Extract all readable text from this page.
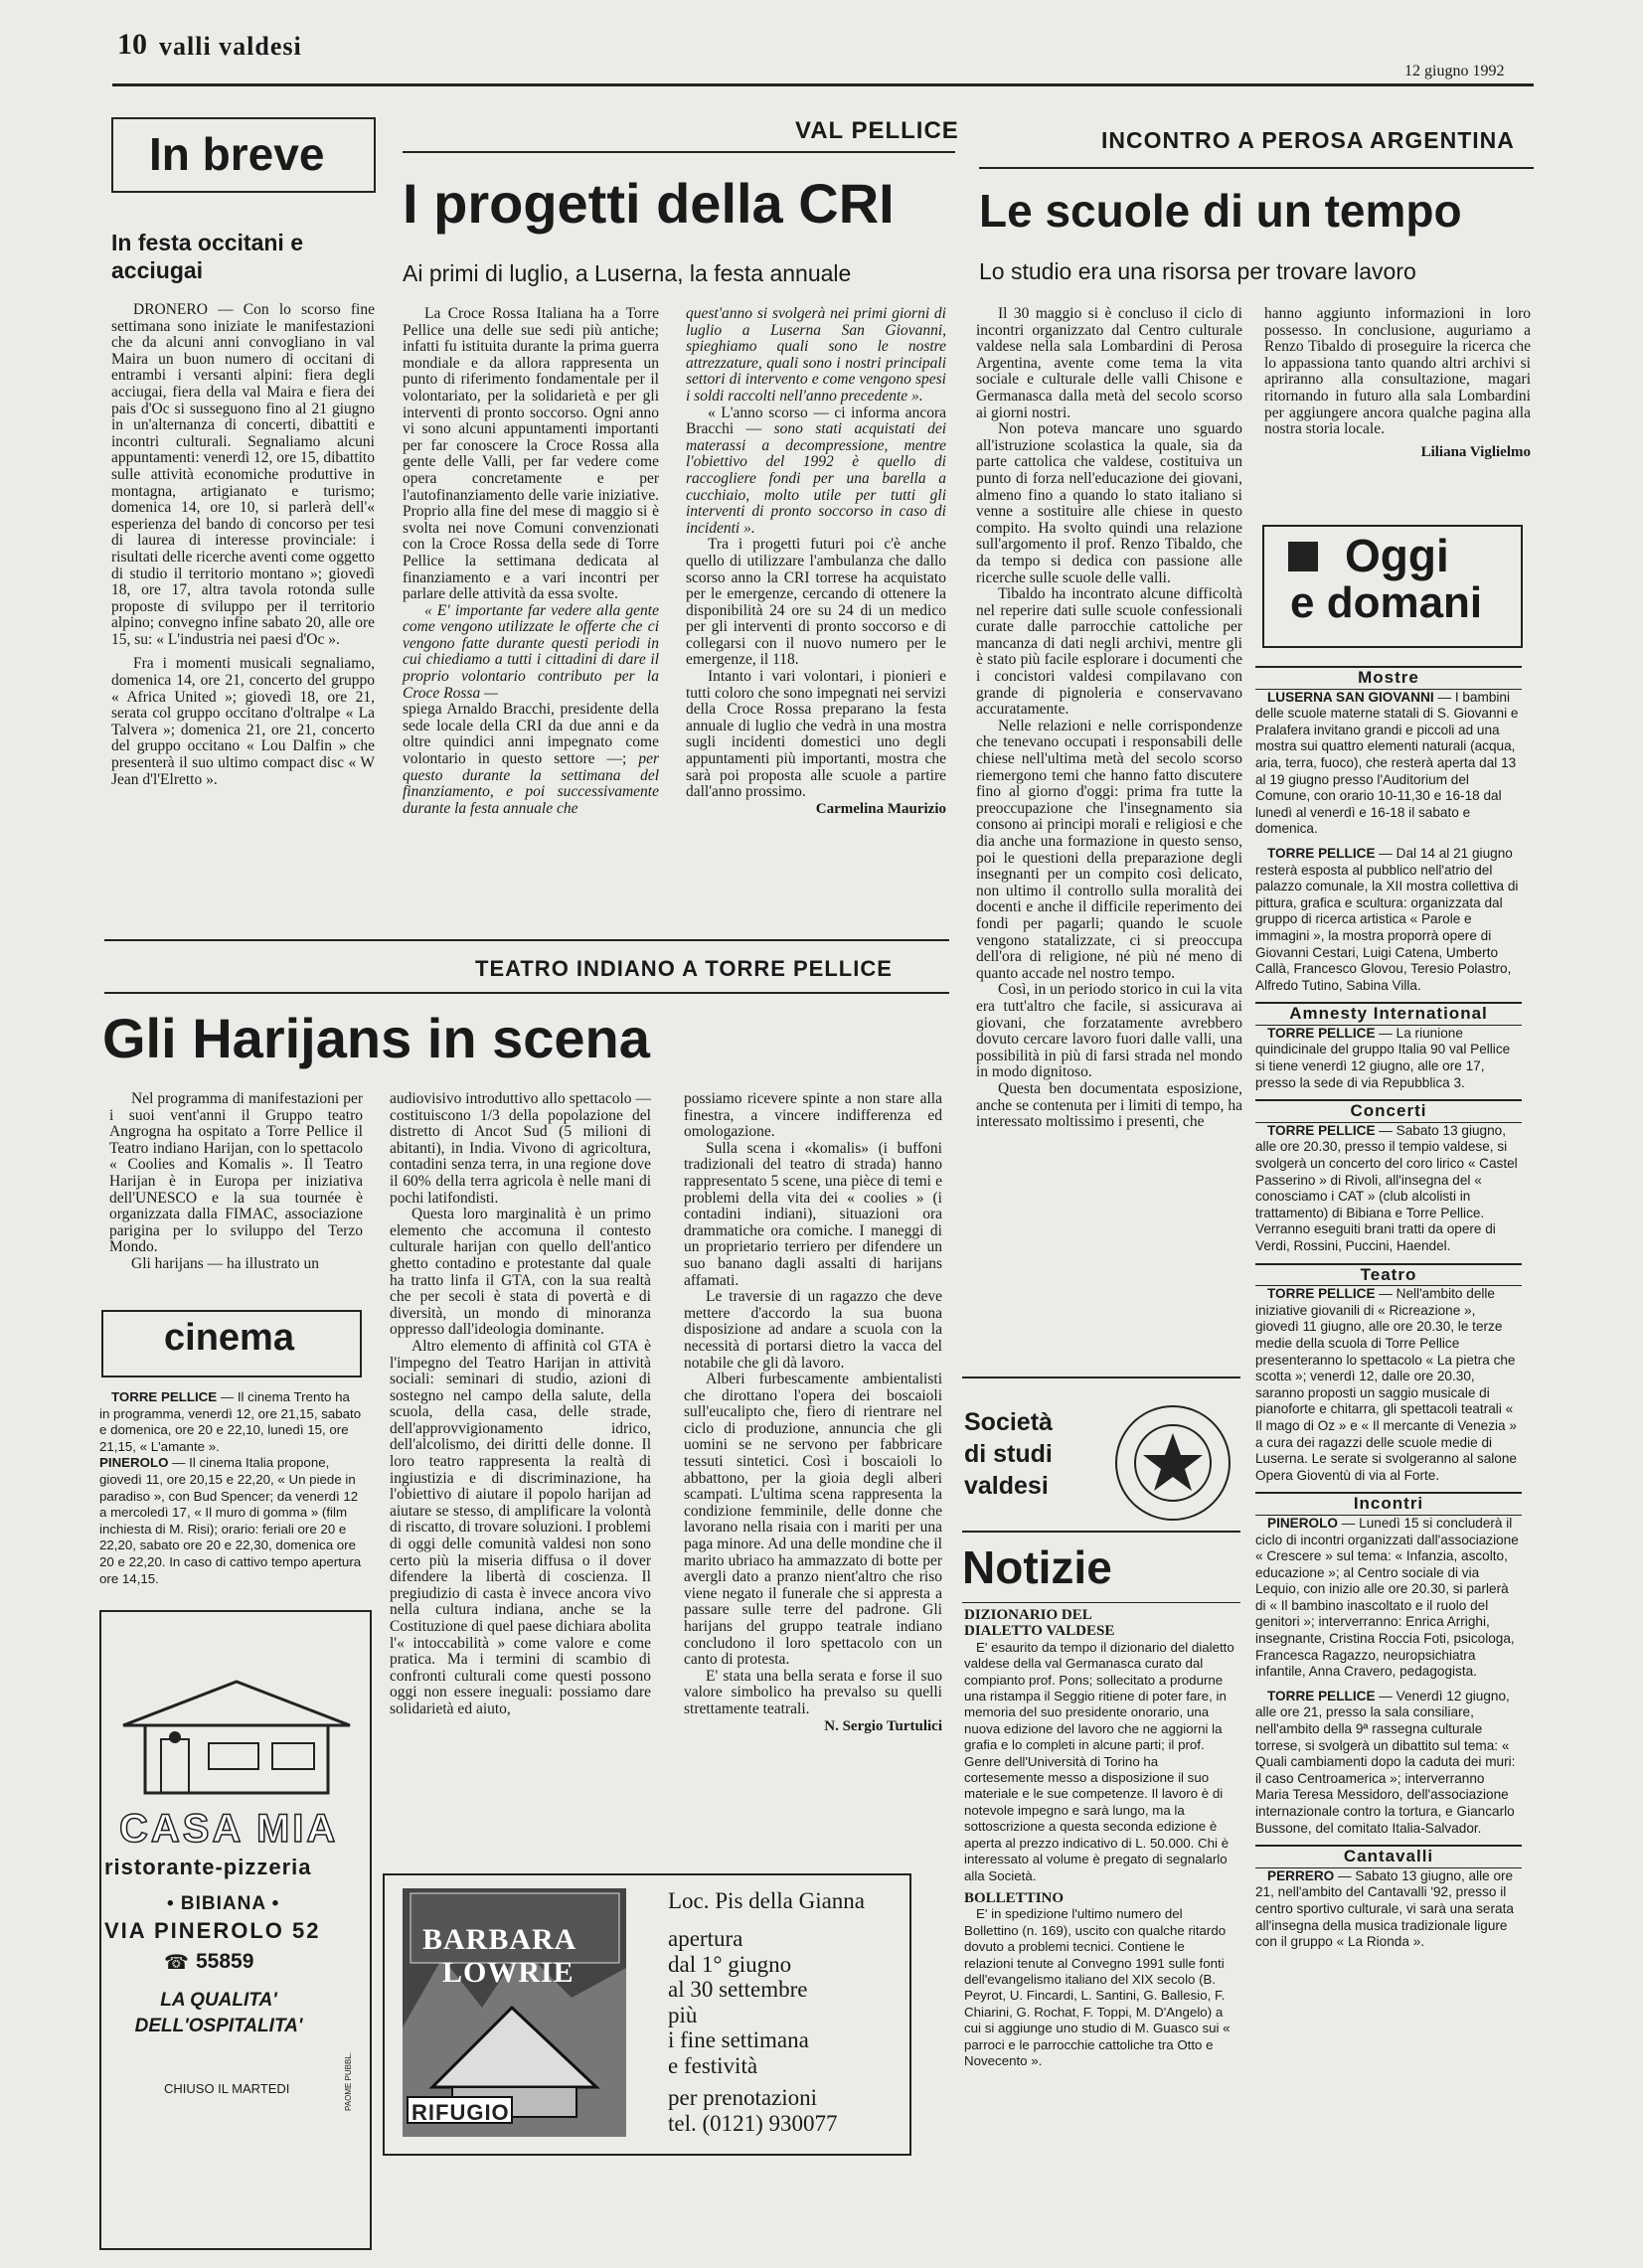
10 valli valdesi
12 giugno 1992
In breve
In festa occitani e acciugai

DRONERO — Con lo scorso fine settimana sono iniziate le manifestazioni che da alcuni anni convogliano in val Maira un buon numero di occitani di entrambi i versanti alpini: fiera degli acciugai, fiera della val Maira e fiera dei pais d'Oc si susseguono fino al 21 giugno in un'alternanza di concerti, dibattiti e incontri culturali. Segnaliamo alcuni appuntamenti: venerdì 12, ore 15, dibattito sulle attività economiche produttive in montagna, artigianato e turismo; domenica 14, ore 10, si parlerà dell'« esperienza del bando di concorso per tesi di laurea di interesse provinciale: i risultati delle ricerche aventi come oggetto di studio il territorio montano »; giovedì 18, ore 17, altra tavola rotonda sulle proposte di sviluppo per il territorio alpino; convegno infine sabato 20, alle ore 15, su: « L'industria nei paesi d'Oc ».

Fra i momenti musicali segnaliamo, domenica 14, ore 21, concerto del gruppo « Africa United »; giovedì 18, ore 21, serata col gruppo occitano d'oltralpe « La Talvera »; domenica 21, ore 21, concerto del gruppo occitano « Lou Dalfin » che presenterà il suo ultimo compact disc « W Jean d'l'Elretto ».

VAL PELLICE
I progetti della CRI
Ai primi di luglio, a Luserna, la festa annuale

La Croce Rossa Italiana ha a Torre Pellice una delle sue sedi più antiche; infatti fu istituita durante la prima guerra mondiale e da allora rappresenta un punto di riferimento fondamentale per il volontariato, per la solidarietà e per gli interventi di pronto soccorso. Ogni anno vi sono alcuni appuntamenti importanti per far conoscere la Croce Rossa alla gente delle Valli, per far vedere come opera concretamente e per l'autofinanziamento delle varie iniziative. Proprio alla fine del mese di maggio si è svolta nei nove Comuni convenzionati con la Croce Rossa della sede di Torre Pellice la settimana dedicata al finanziamento e a vari incontri per parlare delle attività da essa svolte.

« E' importante far vedere alla gente come vengono utilizzate le offerte che ci vengono fatte durante questi periodi in cui chiediamo a tutti i cittadini di dare il proprio volontario contributo per la Croce Rossa —

spiega Arnaldo Bracchi, presidente della sede locale della CRI da due anni e da oltre quindici anni impegnato come volontario in questo settore —; per questo durante la settimana del finanziamento, e poi successivamente durante la festa annuale che
quest'anno si svolgerà nei primi giorni di luglio a Luserna San Giovanni, spieghiamo quali sono le nostre attrezzature, quali sono i nostri principali settori di intervento e come vengono spesi i soldi raccolti nell'anno precedente ».

« L'anno scorso — ci informa ancora Bracchi — sono stati acquistati dei materassi a decompressione, mentre l'obiettivo del 1992 è quello di raccogliere fondi per una barella a cucchiaio, molto utile per tutti gli interventi di pronto soccorso in caso di incidenti ».

Tra i progetti futuri poi c'è anche quello di utilizzare l'ambulanza che dallo scorso anno la CRI torrese ha acquistato per le emergenze, cercando di ottenere la disponibilità 24 ore su 24 di un medico per gli interventi di pronto soccorso e di collegarsi con il nuovo numero per le emergenze, il 118.

Intanto i vari volontari, i pionieri e tutti coloro che sono impegnati nei servizi della Croce Rossa preparano la festa annuale di luglio che vedrà in una mostra sugli incidenti domestici uno degli appuntamenti più importanti, mostra che sarà poi proposta alle scuole a partire dall'anno prossimo.

Carmelina Maurizio
INCONTRO A PEROSA ARGENTINA
Le scuole di un tempo
Lo studio era una risorsa per trovare lavoro

Il 30 maggio si è concluso il ciclo di incontri organizzato dal Centro culturale valdese nella sala Lombardini di Perosa Argentina, avente come tema la vita sociale e culturale delle valli Chisone e Germanasca dalla metà del secolo scorso ai giorni nostri.

Non poteva mancare uno sguardo all'istruzione scolastica la quale, sia da parte cattolica che valdese, costituiva un punto di forza nell'educazione dei giovani, almeno fino a quando lo stato italiano si venne a sostituire alle chiese in questo compito. Ha svolto quindi una relazione sull'argomento il prof. Renzo Tibaldo, che da tempo si dedica con passione alle ricerche sulle scuole delle valli.

Tibaldo ha incontrato alcune difficoltà nel reperire dati sulle scuole confessionali curate dalle parrocchie cattoliche per mancanza di dati negli archivi, mentre gli è stato più facile esplorare i documenti che i concistori valdesi compilavano con grande di pignoleria e conservavano accuratamente.

Nelle relazioni e nelle corrispondenze che tenevano occupati i responsabili delle chiese nell'ultima metà del secolo scorso riemergono temi che hanno fatto discutere fino al giorno d'oggi: prima fra tutte la preoccupazione che l'insegnamento sia consono ai principi morali e religiosi e che dia anche una formazione in questo senso, poi le questioni della preparazione degli insegnanti per un compito così delicato, non ultimo il controllo sulla moralità dei docenti e anche il difficile reperimento dei fondi per pagarli; quando le scuole vengono statalizzate, ci si preoccupa dell'ora di religione, né più né meno di quanto accade nel nostro tempo.

Così, in un periodo storico in cui la vita era tutt'altro che facile, si assicurava ai giovani, che forzatamente avrebbero dovuto cercare lavoro fuori dalle valli, una possibilità in più di farsi strada nel mondo in modo dignitoso.

Questa ben documentata esposizione, anche se contenuta per i limiti di tempo, ha interessato moltissimo i presenti, che

hanno aggiunto informazioni in loro possesso. In conclusione, auguriamo a Renzo Tibaldo di proseguire la ricerca che lo appassiona tanto quando altri archivi si apriranno alla consultazione, magari ritornando in futuro alla sala Lombardini per aggiungere ancora qualche pagina alla nostra storia locale.
Liliana Viglielmo
Oggi
e domani
Mostre

LUSERNA SAN GIOVANNI — I bambini delle scuole materne statali di S. Giovanni e Pralafera invitano grandi e piccoli ad una mostra sui quattro elementi naturali (acqua, aria, terra, fuoco), che resterà aperta dal 13 al 19 giugno presso l'Auditorium del Comune, con orario 10-11,30 e 16-18 dal lunedì al venerdì e 16-18 il sabato e domenica.

TORRE PELLICE — Dal 14 al 21 giugno resterà esposta al pubblico nell'atrio del palazzo comunale, la XII mostra collettiva di pittura, grafica e scultura: organizzata dal gruppo di ricerca artistica « Parole e immagini », la mostra proporrà opere di Giovanni Cestari, Luigi Catena, Umberto Callà, Francesco Glovou, Teresio Polastro, Alfredo Tutino, Sabina Villa.

Amnesty International

TORRE PELLICE — La riunione quindicinale del gruppo Italia 90 val Pellice si tiene venerdì 12 giugno, alle ore 17, presso la sede di via Repubblica 3.

Concerti

TORRE PELLICE — Sabato 13 giugno, alle ore 20.30, presso il tempio valdese, si svolgerà un concerto del coro lirico « Castel Passerino » di Rivoli, all'insegna del « conosciamo i CAT » (club alcolisti in trattamento) di Bibiana e Torre Pellice. Verranno eseguiti brani tratti da opere di Verdi, Rossini, Puccini, Haendel.

Teatro

TORRE PELLICE — Nell'ambito delle iniziative giovanili di « Ricreazione », giovedì 11 giugno, alle ore 20.30, le terze medie della scuola di Torre Pellice presenteranno lo spettacolo « La pietra che scotta »; venerdì 12, dalle ore 20.30, saranno proposti un saggio musicale di pianoforte e chitarra, gli spettacoli teatrali « Il mago di Oz » e « Il mercante di Venezia » a cura dei ragazzi delle scuole medie di Luserna. Le serate si svolgeranno al salone Opera Gioventù di via al Forte.

Incontri

PINEROLO — Lunedì 15 si concluderà il ciclo di incontri organizzati dall'associazione « Crescere » sul tema: « Infanzia, ascolto, educazione »; al Centro sociale di via Lequio, con inizio alle ore 20.30, si parlerà di « Il bambino inascoltato e il ruolo del genitori »; interverranno: Enrica Arrighi, insegnante, Cristina Roccia Foti, psicologa, Francesca Ragazzo, neuropsichiatra infantile, Anna Cravero, pedagogista.

TORRE PELLICE — Venerdì 12 giugno, alle ore 21, presso la sala consiliare, nell'ambito della 9ª rassegna culturale torrese, si svolgerà un dibattito sul tema: « Quali cambiamenti dopo la caduta dei muri: il caso Centroamerica »; interverranno Maria Teresa Messidoro, dell'associazione internazionale contro la tortura, e Giancarlo Bussone, del comitato Italia-Salvador.

Cantavalli

PERRERO — Sabato 13 giugno, alle ore 21, nell'ambito del Cantavalli '92, presso il centro sportivo culturale, vi sarà una serata all'insegna della musica tradizionale ligure con il gruppo « La Rionda ».

TEATRO INDIANO A TORRE PELLICE
Gli Harijans in scena

Nel programma di manifestazioni per i suoi vent'anni il Gruppo teatro Angrogna ha ospitato a Torre Pellice il Teatro indiano Harijan, con lo spettacolo « Coolies and Komalis ». Il Teatro Harijan è in Europa per iniziativa dell'UNESCO e la sua tournée è organizzata dalla FIMAC, associazione parigina per lo sviluppo del Terzo Mondo.

Gli harijans — ha illustrato un

audiovisivo introduttivo allo spettacolo — costituiscono 1/3 della popolazione del distretto di Ancot Sud (5 milioni di abitanti), in India. Vivono di agricoltura, contadini senza terra, in una regione dove il 60% della terra agricola è nelle mani di pochi latifondisti.

Questa loro marginalità è un primo elemento che accomuna il contesto culturale harijan con quello dell'antico ghetto contadino e protestante dal quale ha tratto linfa il GTA, con la sua realtà che per secoli è stata di povertà e di diversità, un mondo di minoranza oppresso dall'ideologia dominante.

Altro elemento di affinità col GTA è l'impegno del Teatro Harijan in attività sociali: seminari di studio, azioni di sostegno nel campo della salute, della scuola, della casa, delle strade, dell'approvvigionamento idrico, dell'alcolismo, dei diritti delle donne. Il loro teatro rappresenta la realtà di ingiustizia e di discriminazione, ha l'obiettivo di aiutare il popolo harijan ad aiutare se stesso, di amplificare la volontà di riscatto, di trovare soluzioni. I problemi di oggi delle comunità valdesi non sono certo più la miseria diffusa o il dover difendere la libertà di coscienza. Il pregiudizio di casta è invece ancora vivo nella cultura indiana, anche se la Costituzione di quel paese dichiara abolita l'« intoccabilità » come valore e come pratica. Ma i termini di scambio di confronti culturali come questi possono oggi non essere ineguali: possiamo dare solidarietà ed aiuto,

possiamo ricevere spinte a non stare alla finestra, a vincere indifferenza ed omologazione.

Sulla scena i «komalis» (i buffoni tradizionali del teatro di strada) hanno rappresentato 5 scene, una pièce di temi e problemi della vita dei « coolies » (i contadini indiani), situazioni ora drammatiche ora comiche. I maneggi di un proprietario terriero per difendere un suo banano dagli assalti di harijans affamati.

Le traversie di un ragazzo che deve mettere d'accordo la sua buona disposizione ad andare a scuola con la necessità di portarsi dietro la vacca del notabile che gli dà lavoro.

Alberi furbescamente ambientalisti che dirottano l'opera dei boscaioli sull'eucalipto che, fiero di rientrare nel ciclo di produzione, annuncia che gli uomini se ne servono per fabbricare tessuti sintetici. Così i boscaioli lo abbattono, per la gioia degli alberi scampati. L'ultima scena rappresenta la condizione femminile, delle donne che lavorano nella risaia con i mariti per una paga minore. Ad una delle mondine che il marito ubriaco ha ammazzato di botte per avergli dato a pranzo nient'altro che riso viene negato il funerale che si appresta a passare sulle terre del padrone. Gli harijans del gruppo teatrale indiano concludono il loro spettacolo con un canto di protesta.

E' stata una bella serata e forse il suo valore simbolico ha prevalso su quelli strettamente teatrali.

N. Sergio Turtulici
cinema

TORRE PELLICE — Il cinema Trento ha in programma, venerdì 12, ore 21,15, sabato e domenica, ore 20 e 22,10, lunedì 15, ore 21,15, « L'amante ».

PINEROLO — Il cinema Italia propone, giovedì 11, ore 20,15 e 22,20, « Un piede in paradiso », con Bud Spencer; da venerdì 12 a mercoledì 17, « Il muro di gomma » (film inchiesta di M. Risi); orario: feriali ore 20 e 22,20, sabato ore 20 e 22,30, domenica ore 20 e 22,20. In caso di cattivo tempo apertura ore 14,15.

CASA MIA
ristorante-pizzeria
• BIBIANA •
VIA PINEROLO 52
☎ 55859
LA QUALITA' DELL'OSPITALITA'
CHIUSO IL MARTEDI	PAOME PUBBL.
BARBARA
LOWRIE
RIFUGIO
Loc. Pis della Gianna
apertura
dal 1° giugno
al 30 settembre
più
i fine settimana
e festività
per prenotazioni
tel. (0121) 930077
Società di studi valdesi
Notizie
DIZIONARIO DEL DIALETTO VALDESE

E' esaurito da tempo il dizionario del dialetto valdese della val Germanasca curato dal compianto prof. Pons; sollecitato a produrne una ristampa il Seggio ritiene di poter fare, in memoria del suo presidente onorario, una nuova edizione del lavoro che ne aggiorni la grafia e lo completi in alcune parti; il prof. Genre dell'Università di Torino ha cortesemente messo a disposizione il suo materiale e le sue competenze. Il lavoro è di notevole impegno e sarà lungo, ma la sottoscrizione a questa seconda edizione è aperta al prezzo indicativo di L. 50.000. Chi è interessato al volume è pregato di segnalarlo alla Società.

BOLLETTINO

E' in spedizione l'ultimo numero del Bollettino (n. 169), uscito con qualche ritardo dovuto a problemi tecnici. Contiene le relazioni tenute al Convegno 1991 sulle fonti dell'evangelismo italiano del XIX secolo (B. Peyrot, U. Fincardi, L. Santini, G. Ballesio, F. Chiarini, G. Rochat, F. Toppi, M. D'Angelo) a cui si aggiunge uno studio di M. Guasco sui « parroci e le parrocchie cattoliche tra Otto e Novecento ».
